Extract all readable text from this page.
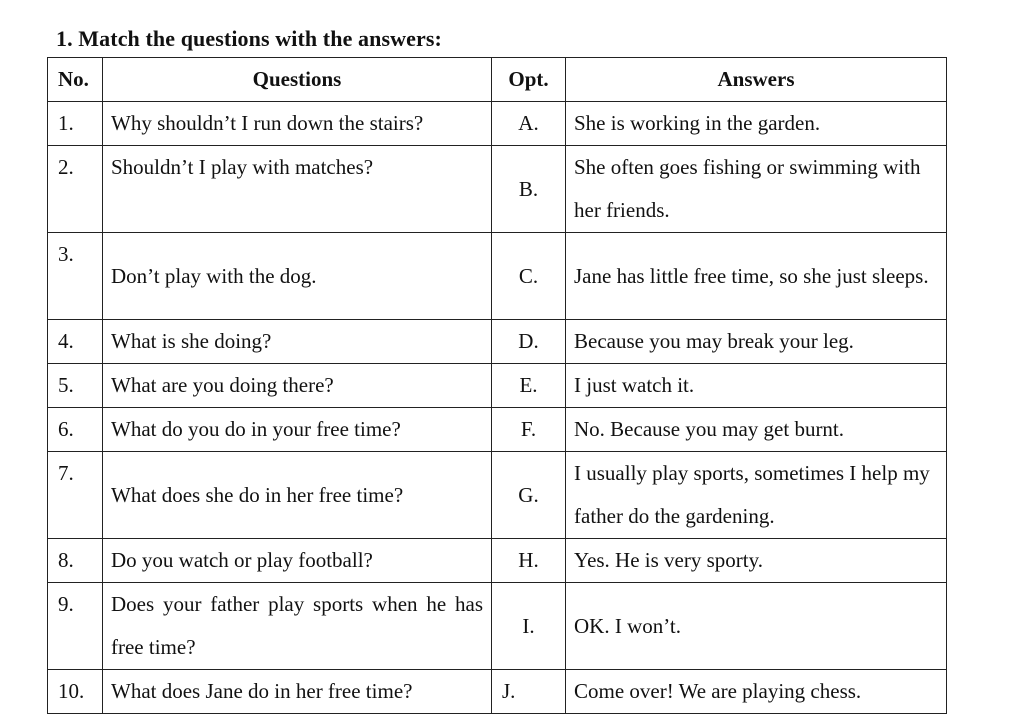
1. Match the questions with the answers:
No.	Questions	Opt.	Answers
1.	Why shouldn’t I run down the stairs?	A.	She is working in the garden.
2.	Shouldn’t I play with matches?	B.	She often goes fishing or swimming with her friends.
3.	Don’t play with the dog.	C.	Jane has little free time, so she just sleeps.
4.	What is she doing?	D.	Because you may break your leg.
5.	What are you doing there?	E.	I just watch it.
6.	What do you do in your free time?	F.	No. Because you may get burnt.
7.	What does she do in her free time?	G.	I usually play sports, sometimes I help my father do the gardening.
8.	Do you watch or play football?	H.	Yes. He is very sporty.
9.	Does your father play sports when he has free time?	I.	OK. I won’t.
10.	What does Jane do in her free time?	J.	Come over! We are playing chess.
